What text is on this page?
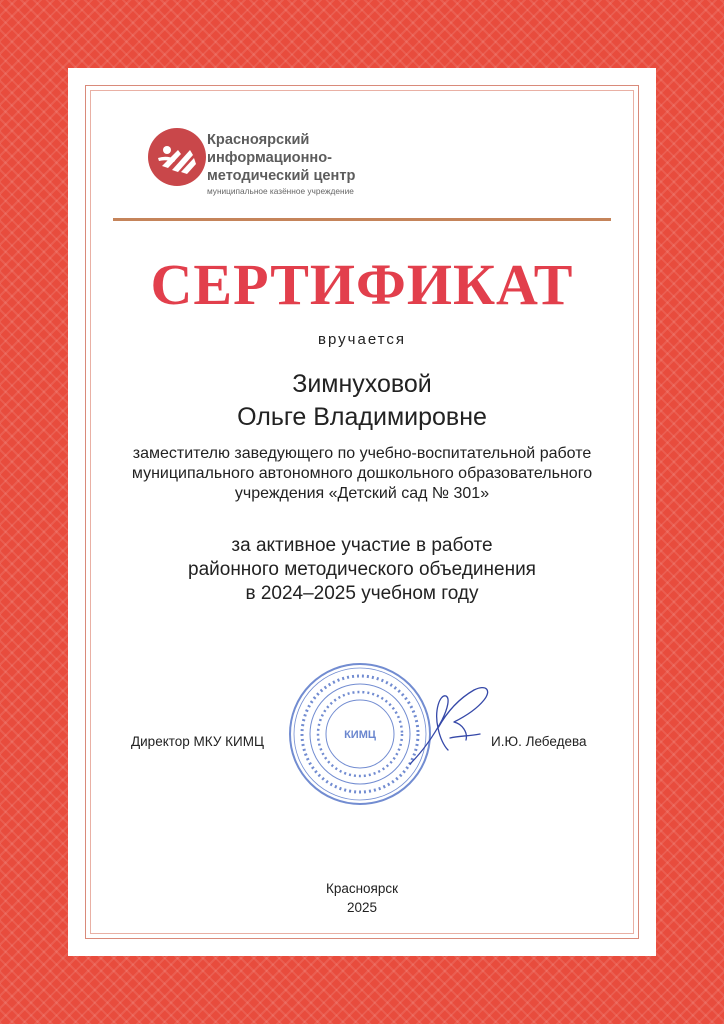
Красноярский
информационно-
методический центр
муниципальное казённое учреждение
СЕРТИФИКАТ
вручается
Зимнуховой
Ольге Владимировне
заместителю заведующего по учебно-воспитательной работе
муниципального автономного дошкольного образовательного
учреждения «Детский сад № 301»
за активное участие в работе
районного методического объединения
в 2024–2025 учебном году
Директор МКУ КИМЦ	КИМЦ	И.Ю. Лебедева
Красноярск
2025
